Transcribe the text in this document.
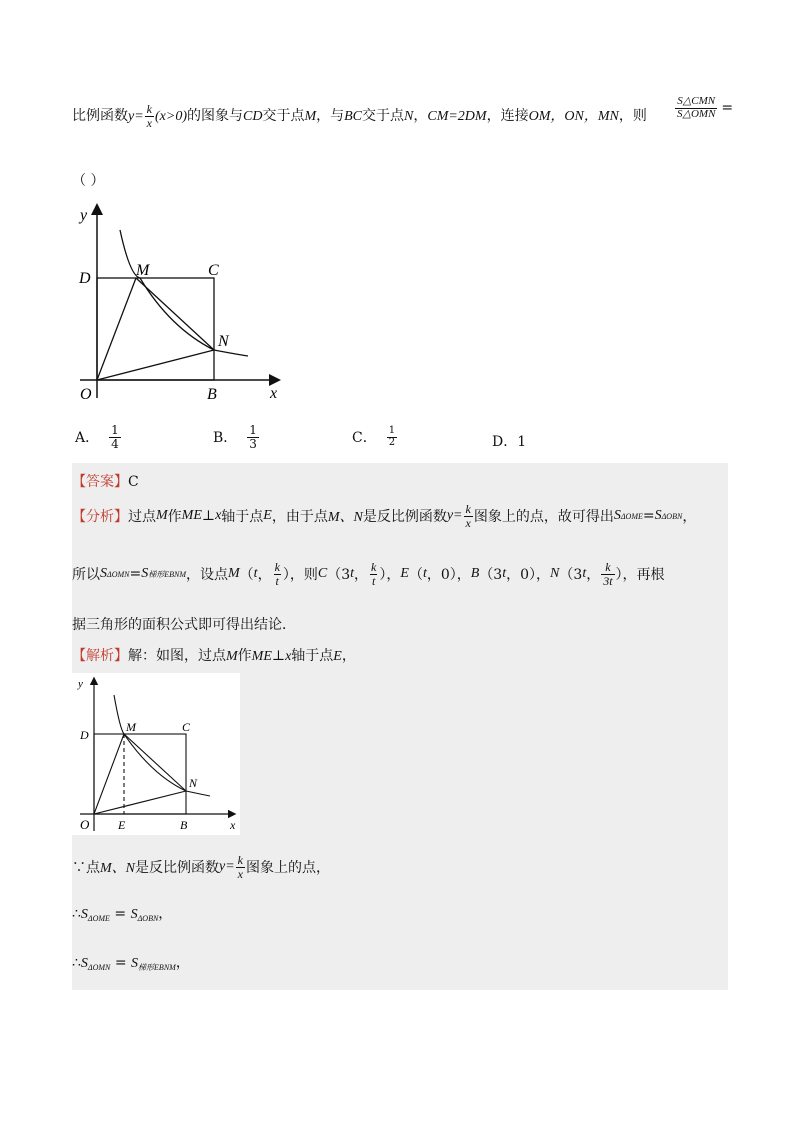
比例函数$y= \frac{k}{x} (x>0)$的图象与CD交于点M，与BC交于点N，CM=2DM，连接OM，ON，MN，则	$\frac{\text{S△CMN}}{\text{S△OMN}}$ =
（ ）
y
x
O	B
D	M	C
N
A． $\frac{1}{4}$	B． $\frac{1}{3}$	C． $\frac{1}{2}$	D．1
【答案】C
【分析】 过点 M 作 ME ⊥ x 轴于点 E ，由于点 M、N 是反比例函数 $y= \frac{k}{x}$ 图象上的点，故可得出 S ΔOME = S ΔOBN ，
所以 S ΔOMN = S 梯形EBNM ，设点 M （ t ， $\frac{k}{t}$ ），则 C （3 t ， $\frac{k}{t}$ ）， E （ t ，0）， B （3 t ，0）， N （3 t ， $\frac{k}{3t}$ ），再根
据三角形的面积公式即可得出结论．
【解析】解：如图，过点M作ME⊥x轴于点E，
y
x
O E	B
D
M	C
N
∵点 M、N 是反比例函数 $y= \frac{k}{x}$ 图象上的点，
$\therefore S_{\Delta OME} = S_{\Delta OBN}$，
$\therefore S_{\Delta OMN} = S_{梯形EBNM}$，
